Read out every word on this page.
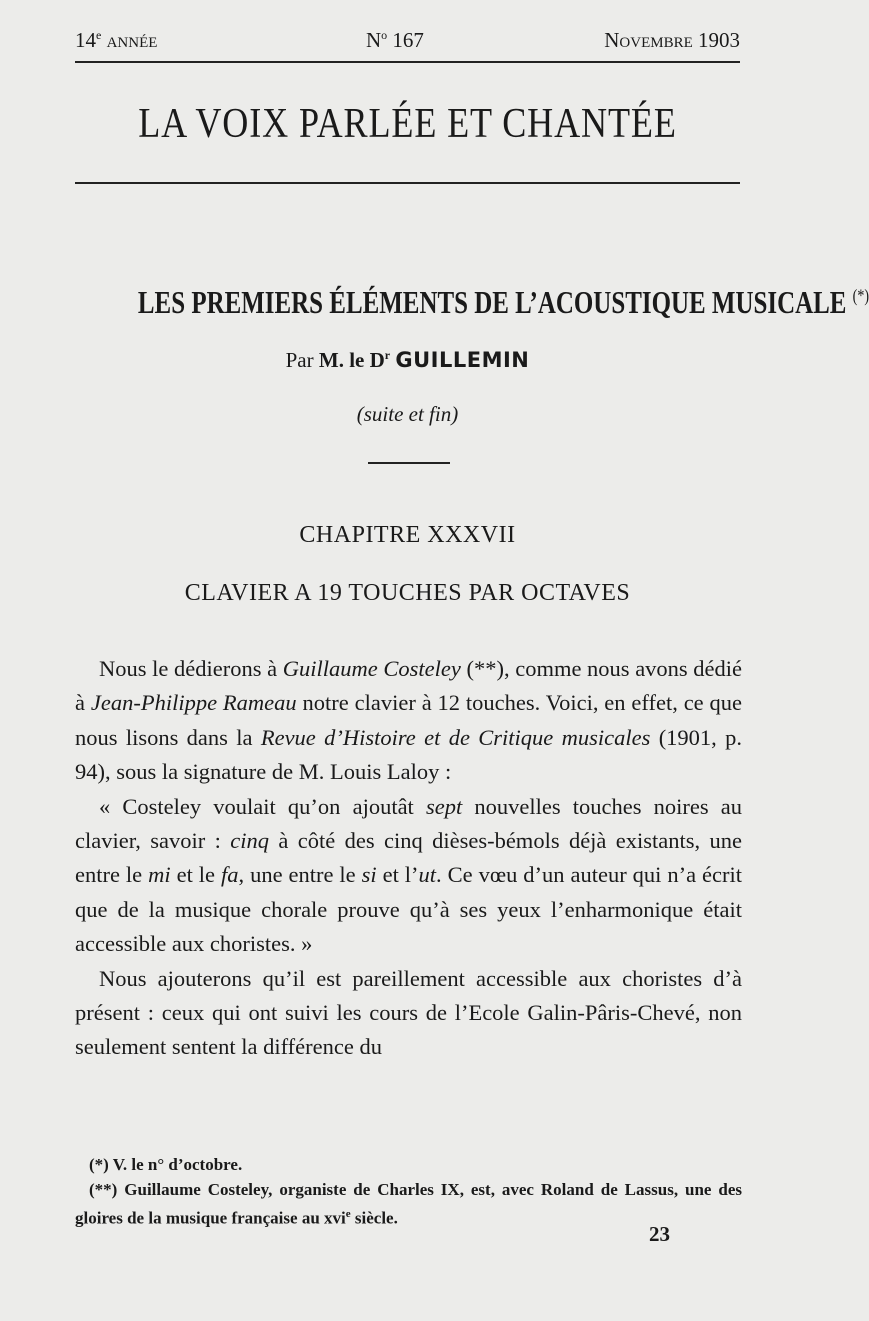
14e année	$N^o$ 167	Novembre 1903
LA VOIX PARLÉE ET CHANTÉE
LES PREMIERS ÉLÉMENTS DE L’ACOUSTIQUE MUSICALE (*)
Par M. le $D^r$ GUILLEMIN
(suite et fin)
CHAPITRE XXXVII
CLAVIER A 19 TOUCHES PAR OCTAVES

Nous le dédierons à Guillaume Costeley (**), comme nous avons dédié à Jean-Philippe Rameau notre clavier à 12 touches. Voici, en effet, ce que nous lisons dans la Revue d’Histoire et de Critique musicales (1901, p. 94), sous la signature de M. Louis Laloy :

« Costeley voulait qu’on ajoutât sept nouvelles touches noires au clavier, savoir : cinq à côté des cinq dièses-bémols déjà existants, une entre le mi et le fa, une entre le si et l’ut. Ce vœu d’un auteur qui n’a écrit que de la musique chorale prouve qu’à ses yeux l’enharmonique était accessible aux choristes. »

Nous ajouterons qu’il est pareillement accessible aux choristes d’à présent : ceux qui ont suivi les cours de l’Ecole Galin-Pâris-Chevé, non seulement sentent la différence du

(*) V. le n° d’octobre.

(**) Guillaume Costeley, organiste de Charles IX, est, avec Roland de Lassus, une des gloires de la musique française au xvi$^e$ siècle.

23
